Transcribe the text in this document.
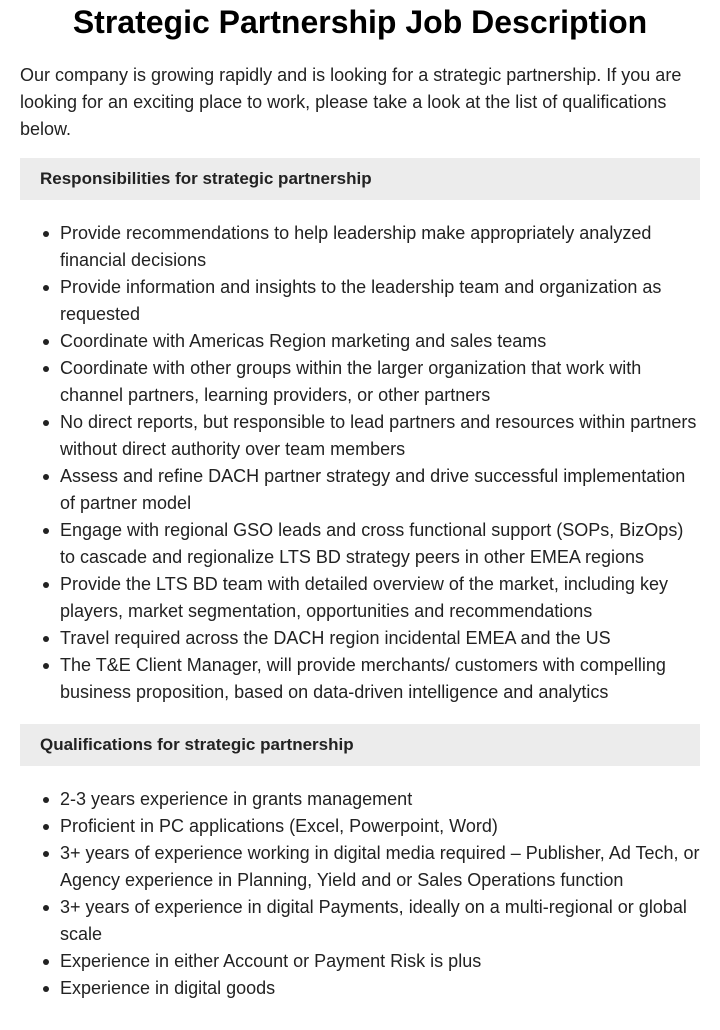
Strategic Partnership Job Description

Our company is growing rapidly and is looking for a strategic partnership. If you are looking for an exciting place to work, please take a look at the list of qualifications below.

Responsibilities for strategic partnership
Provide recommendations to help leadership make appropriately analyzed financial decisions
Provide information and insights to the leadership team and organization as requested
Coordinate with Americas Region marketing and sales teams
Coordinate with other groups within the larger organization that work with channel partners, learning providers, or other partners
No direct reports, but responsible to lead partners and resources within partners without direct authority over team members
Assess and refine DACH partner strategy and drive successful implementation of partner model
Engage with regional GSO leads and cross functional support (SOPs, BizOps) to cascade and regionalize LTS BD strategy peers in other EMEA regions
Provide the LTS BD team with detailed overview of the market, including key players, market segmentation, opportunities and recommendations
Travel required across the DACH region incidental EMEA and the US
The T&E Client Manager, will provide merchants/ customers with compelling business proposition, based on data-driven intelligence and analytics
Qualifications for strategic partnership
2-3 years experience in grants management
Proficient in PC applications (Excel, Powerpoint, Word)
3+ years of experience working in digital media required – Publisher, Ad Tech, or Agency experience in Planning, Yield and or Sales Operations function
3+ years of experience in digital Payments, ideally on a multi-regional or global scale
Experience in either Account or Payment Risk is plus
Experience in digital goods
